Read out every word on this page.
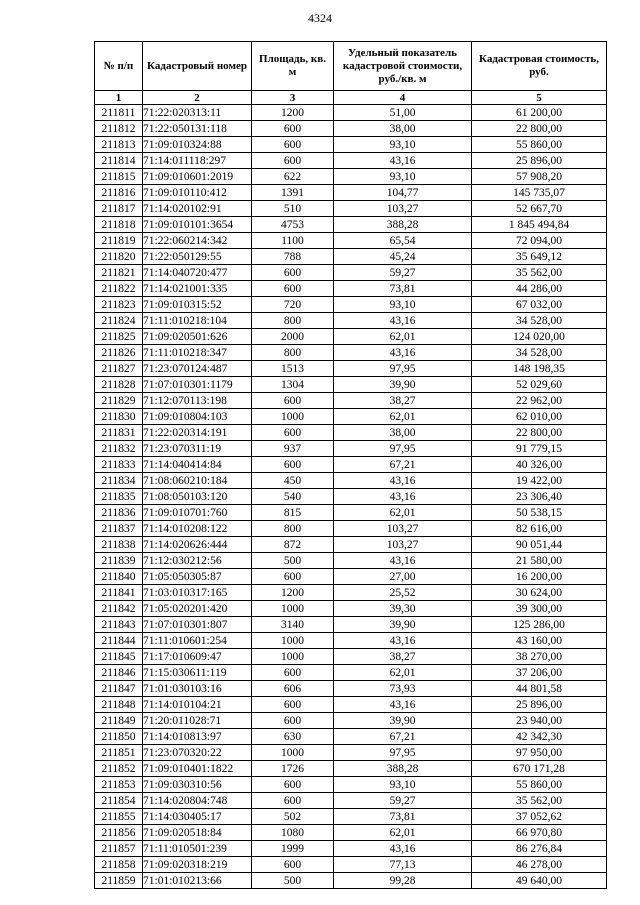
4324
№ п/п	Кадастровый номер	Площадь, кв. м	Удельный показатель кадастровой стоимости, руб./кв. м	Кадастровая стоимость, руб.
1	2	3	4	5
211811	71:22:020313:11	1200	51,00	61 200,00
211812	71:22:050131:118	600	38,00	22 800,00
211813	71:09:010324:88	600	93,10	55 860,00
211814	71:14:011118:297	600	43,16	25 896,00
211815	71:09:010601:2019	622	93,10	57 908,20
211816	71:09:010110:412	1391	104,77	145 735,07
211817	71:14:020102:91	510	103,27	52 667,70
211818	71:09:010101:3654	4753	388,28	1 845 494,84
211819	71:22:060214:342	1100	65,54	72 094,00
211820	71:22:050129:55	788	45,24	35 649,12
211821	71:14:040720:477	600	59,27	35 562,00
211822	71:14:021001:335	600	73,81	44 286,00
211823	71:09:010315:52	720	93,10	67 032,00
211824	71:11:010218:104	800	43,16	34 528,00
211825	71:09:020501:626	2000	62,01	124 020,00
211826	71:11:010218:347	800	43,16	34 528,00
211827	71:23:070124:487	1513	97,95	148 198,35
211828	71:07:010301:1179	1304	39,90	52 029,60
211829	71:12:070113:198	600	38,27	22 962,00
211830	71:09:010804:103	1000	62,01	62 010,00
211831	71:22:020314:191	600	38,00	22 800,00
211832	71:23:070311:19	937	97,95	91 779,15
211833	71:14:040414:84	600	67,21	40 326,00
211834	71:08:060210:184	450	43,16	19 422,00
211835	71:08:050103:120	540	43,16	23 306,40
211836	71:09:010701:760	815	62,01	50 538,15
211837	71:14:010208:122	800	103,27	82 616,00
211838	71:14:020626:444	872	103,27	90 051,44
211839	71:12:030212:56	500	43,16	21 580,00
211840	71:05:050305:87	600	27,00	16 200,00
211841	71:03:010317:165	1200	25,52	30 624,00
211842	71:05:020201:420	1000	39,30	39 300,00
211843	71:07:010301:807	3140	39,90	125 286,00
211844	71:11:010601:254	1000	43,16	43 160,00
211845	71:17:010609:47	1000	38,27	38 270,00
211846	71:15:030611:119	600	62,01	37 206,00
211847	71:01:030103:16	606	73,93	44 801,58
211848	71:14:010104:21	600	43,16	25 896,00
211849	71:20:011028:71	600	39,90	23 940,00
211850	71:14:010813:97	630	67,21	42 342,30
211851	71:23:070320:22	1000	97,95	97 950,00
211852	71:09:010401:1822	1726	388,28	670 171,28
211853	71:09:030310:56	600	93,10	55 860,00
211854	71:14:020804:748	600	59,27	35 562,00
211855	71:14:030405:17	502	73,81	37 052,62
211856	71:09:020518:84	1080	62,01	66 970,80
211857	71:11:010501:239	1999	43,16	86 276,84
211858	71:09:020318:219	600	77,13	46 278,00
211859	71:01:010213:66	500	99,28	49 640,00
